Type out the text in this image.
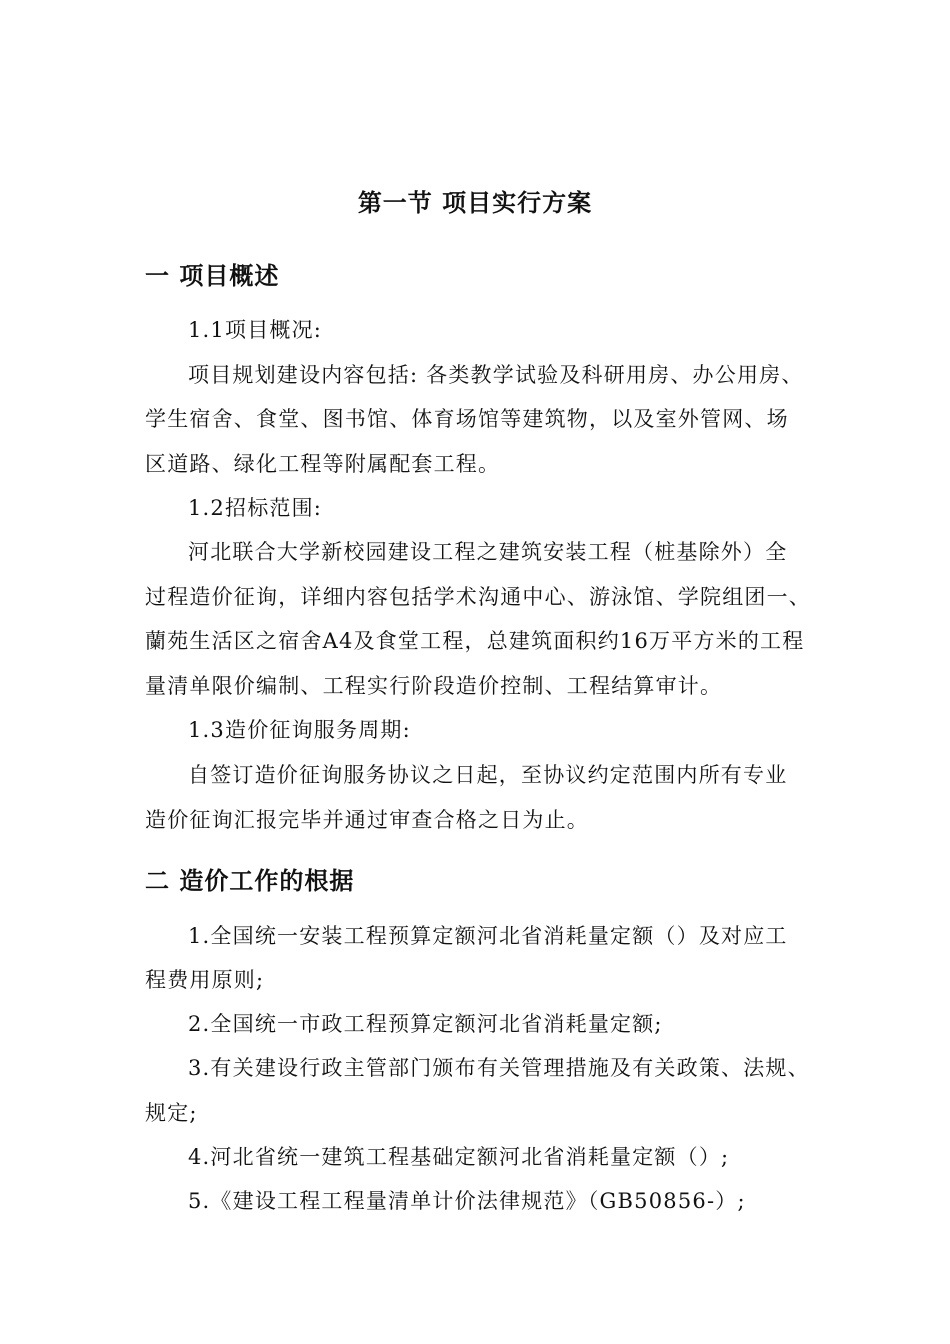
第一节 项目实行方案
一 项目概述
1.1项目概况:
项目规划建设内容包括: 各类教学试验及科研用房、办公用房、
学生宿舍、食堂、图书馆、体育场馆等建筑物，以及室外管网、场
区道路、绿化工程等附属配套工程。
1.2招标范围:
河北联合大学新校园建设工程之建筑安装工程（桩基除外）全
过程造价征询，详细内容包括学术沟通中心、游泳馆、学院组团一、
蘭苑生活区之宿舍A4及食堂工程，总建筑面积约16万平方米的工程
量清单限价编制、工程实行阶段造价控制、工程结算审计。
1.3造价征询服务周期:
自签订造价征询服务协议之日起，至协议约定范围内所有专业
造价征询汇报完毕并通过审查合格之日为止。
二 造价工作的根据
1.全国统一安装工程预算定额河北省消耗量定额（）及对应工
程费用原则;
2.全国统一市政工程预算定额河北省消耗量定额;
3.有关建设行政主管部门颁布有关管理措施及有关政策、法规、
规定;
4.河北省统一建筑工程基础定额河北省消耗量定额（）;
5.《建设工程工程量清单计价法律规范》（GB50856-）;
